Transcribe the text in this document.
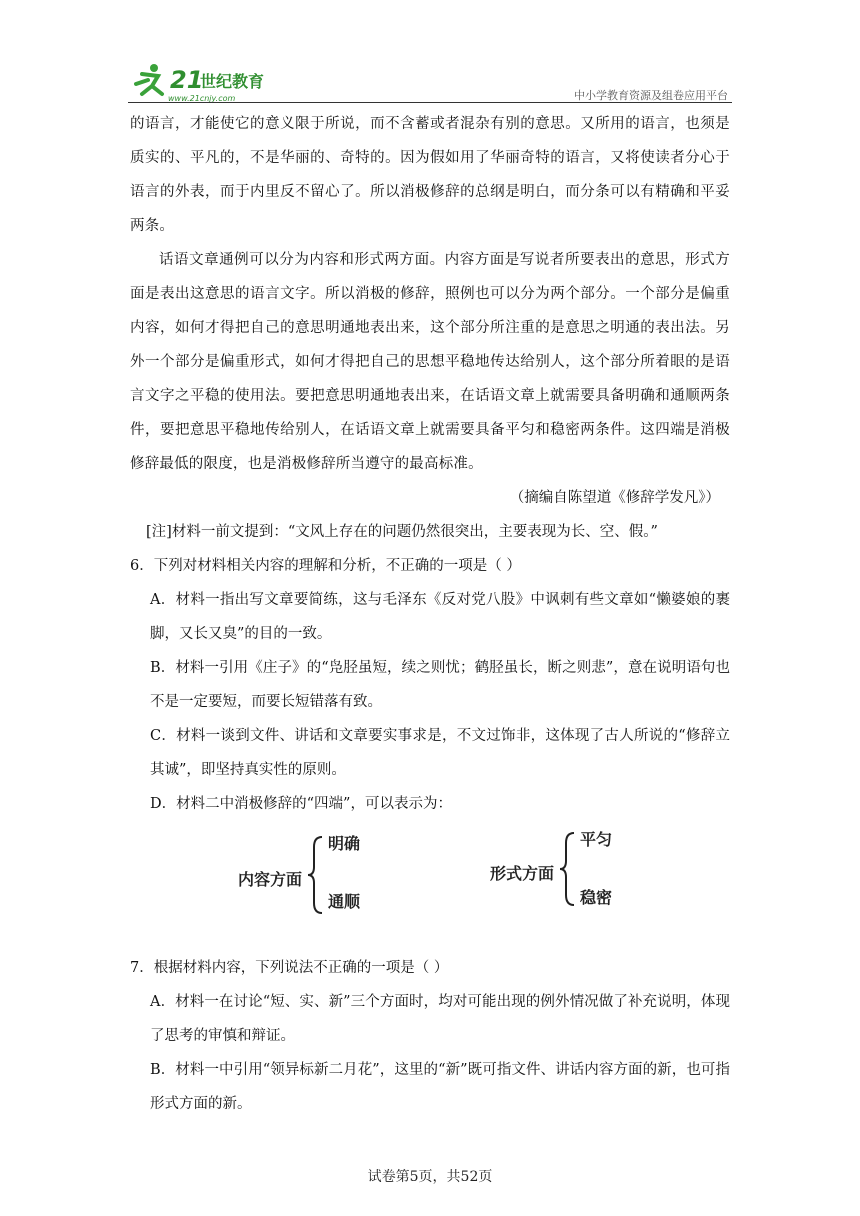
21
世纪教育
www.21cnjy.com	中小学教育资源及组卷应用平台

的语言，才能使它的意义限于所说，而不含蓄或者混杂有别的意思。又所用的语言，也须是质实的、平凡的，不是华丽的、奇特的。因为假如用了华丽奇特的语言，又将使读者分心于语言的外表，而于内里反不留心了。所以消极修辞的总纲是明白，而分条可以有精确和平妥两条。

话语文章通例可以分为内容和形式两方面。内容方面是写说者所要表出的意思，形式方面是表出这意思的语言文字。所以消极的修辞，照例也可以分为两个部分。一个部分是偏重内容，如何才得把自己的意思明通地表出来，这个部分所注重的是意思之明通的表出法。另外一个部分是偏重形式，如何才得把自己的思想平稳地传达给别人，这个部分所着眼的是语言文字之平稳的使用法。要把意思明通地表出来，在话语文章上就需要具备明确和通顺两条件，要把意思平稳地传给别人，在话语文章上就需要具备平匀和稳密两条件。这四端是消极修辞最低的限度，也是消极修辞所当遵守的最高标准。

（摘编自陈望道《修辞学发凡》）

[注]材料一前文提到：“文风上存在的问题仍然很突出，主要表现为长、空、假。”

6．下列对材料相关内容的理解和分析，不正确的一项是（ ）

A．材料一指出写文章要简练，这与毛泽东《反对党八股》中讽刺有些文章如“懒婆娘的裹脚，又长又臭”的目的一致。

B．材料一引用《庄子》的“凫胫虽短，续之则忧；鹤胫虽长，断之则悲”，意在说明语句也不是一定要短，而要长短错落有致。

C．材料一谈到文件、讲话和文章要实事求是，不文过饰非，这体现了古人所说的“修辞立其诚”，即坚持真实性的原则。

D．材料二中消极修辞的“四端”，可以表示为：

内容方面
明确
通顺
形式方面
平匀
稳密

7．根据材料内容，下列说法不正确的一项是（ ）

A．材料一在讨论“短、实、新”三个方面时，均对可能出现的例外情况做了补充说明，体现了思考的审慎和辩证。

B．材料一中引用“领异标新二月花”，这里的“新”既可指文件、讲话内容方面的新，也可指形式方面的新。

试卷第5页，共52页
